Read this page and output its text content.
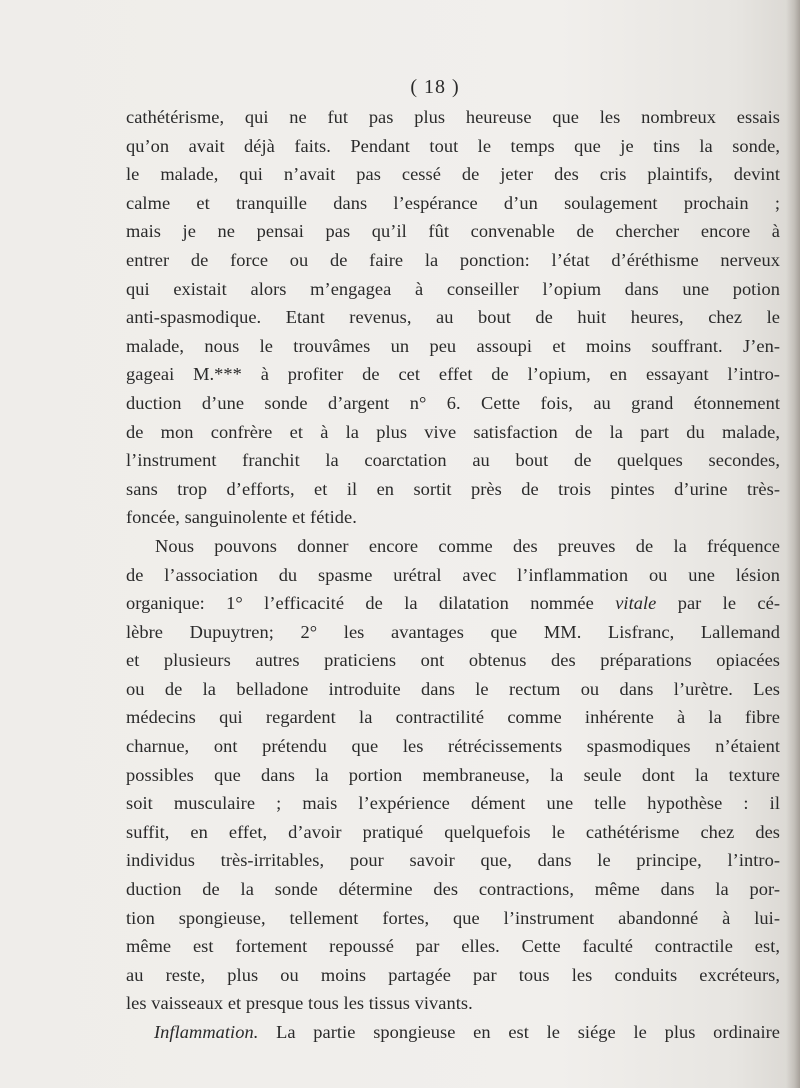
( 18 )
cathétérisme, qui ne fut pas plus heureuse que les nombreux essais
qu’on avait déjà faits. Pendant tout le temps que je tins la sonde,
le malade, qui n’avait pas cessé de jeter des cris plaintifs, devint
calme et tranquille dans l’espérance d’un soulagement prochain ;
mais je ne pensai pas qu’il fût convenable de chercher encore à
entrer de force ou de faire la ponction: l’état d’éréthisme nerveux
qui existait alors m’engagea à conseiller l’opium dans une potion
anti-spasmodique. Etant revenus, au bout de huit heures, chez le
malade, nous le trouvâmes un peu assoupi et moins souffrant. J’en-
gageai M.*** à profiter de cet effet de l’opium, en essayant l’intro-
duction d’une sonde d’argent n° 6. Cette fois, au grand étonnement
de mon confrère et à la plus vive satisfaction de la part du malade,
l’instrument franchit la coarctation au bout de quelques secondes,
sans trop d’efforts, et il en sortit près de trois pintes d’urine très-
foncée, sanguinolente et fétide.
Nous pouvons donner encore comme des preuves de la fréquence
de l’association du spasme urétral avec l’inflammation ou une lésion
organique: 1° l’efficacité de la dilatation nommée vitale par le cé-
lèbre Dupuytren; 2° les avantages que MM. Lisfranc, Lallemand
et plusieurs autres praticiens ont obtenus des préparations opiacées
ou de la belladone introduite dans le rectum ou dans l’urètre. Les
médecins qui regardent la contractilité comme inhérente à la fibre
charnue, ont prétendu que les rétrécissements spasmodiques n’étaient
possibles que dans la portion membraneuse, la seule dont la texture
soit musculaire ; mais l’expérience dément une telle hypothèse : il
suffit, en effet, d’avoir pratiqué quelquefois le cathétérisme chez des
individus très-irritables, pour savoir que, dans le principe, l’intro-
duction de la sonde détermine des contractions, même dans la por-
tion spongieuse, tellement fortes, que l’instrument abandonné à lui-
même est fortement repoussé par elles. Cette faculté contractile est,
au reste, plus ou moins partagée par tous les conduits excréteurs,
les vaisseaux et presque tous les tissus vivants.
Inflammation. La partie spongieuse en est le siége le plus ordinaire
